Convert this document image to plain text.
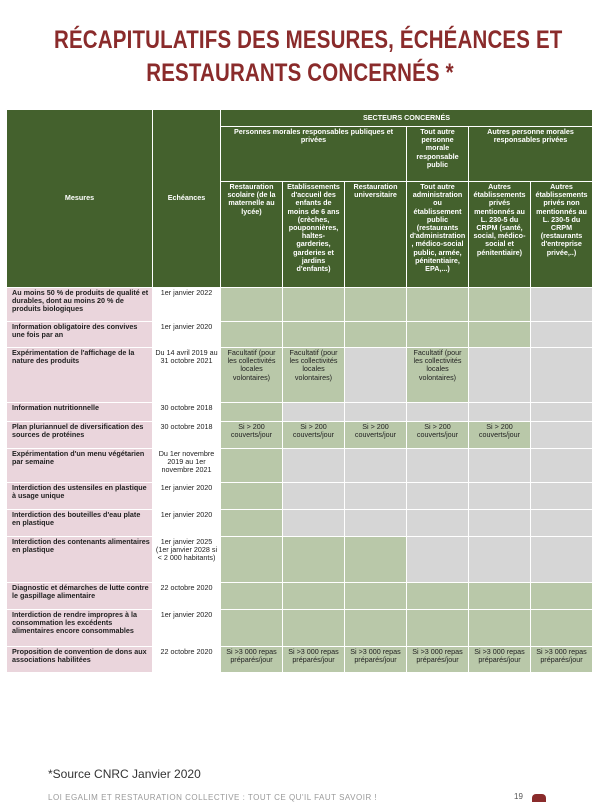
RÉCAPITULATIFS DES MESURES, ÉCHÉANCES ET
RESTAURANTS CONCERNÉS *
Mesures	Echéances	SECTEURS CONCERNÉS					
		Personnes morales responsables publiques et privées			Tout autre personne morale responsable public	Autres personne morales responsables privées	
		Restauration scolaire (de la maternelle au lycée)	Etablissements d'accueil des enfants de moins de 6 ans (crèches, pouponnières, haltes-garderies, garderies et jardins d'enfants)	Restauration universitaire	Tout autre administration ou établissement public (restaurants d'administration, médico-social public, armée, pénitentiaire, EPA,...)	Autres établissements privés mentionnés au L. 230-5 du CRPM (santé, social, médico-social et pénitentiaire)	Autres établissements privés non mentionnés au L. 230-5 du CRPM (restaurants d'entreprise privée,..)
Au moins 50 % de produits de qualité et durables, dont au moins 20 % de produits biologiques	1er janvier 2022						
Information obligatoire des convives une fois par an	1er janvier 2020						
Expérimentation de l'affichage de la nature des produits	Du 14 avril 2019 au 31 octobre 2021	Facultatif (pour les collectivités locales volontaires)	Facultatif (pour les collectivités locales volontaires)		Facultatif (pour les collectivités locales volontaires)		
Information nutritionnelle	30 octobre 2018						
Plan pluriannuel de diversification des sources de protéines	30 octobre 2018	Si > 200 couverts/jour	Si > 200 couverts/jour	Si > 200 couverts/jour	Si > 200 couverts/jour	Si > 200 couverts/jour	
Expérimentation d'un menu végétarien par semaine	Du 1er novembre 2019 au 1er novembre 2021						
Interdiction des ustensiles en plastique à usage unique	1er janvier 2020						
Interdiction des bouteilles d'eau plate en plastique	1er janvier 2020						
Interdiction des contenants alimentaires en plastique	1er janvier 2025 (1er janvier 2028 si < 2 000 habitants)						
Diagnostic et démarches de lutte contre le gaspillage alimentaire	22 octobre 2020						
Interdiction de rendre impropres à la consommation les excédents alimentaires encore consommables	1er janvier 2020						
Proposition de convention de dons aux associations habilitées	22 octobre 2020	Si >3 000 repas préparés/jour	Si >3 000 repas préparés/jour	Si >3 000 repas préparés/jour	Si >3 000 repas préparés/jour	Si >3 000 repas préparés/jour	Si >3 000 repas préparés/jour
*Source CNRC Janvier 2020
LOI EGALIM ET RESTAURATION COLLECTIVE : TOUT CE QU'IL FAUT SAVOIR !	19
